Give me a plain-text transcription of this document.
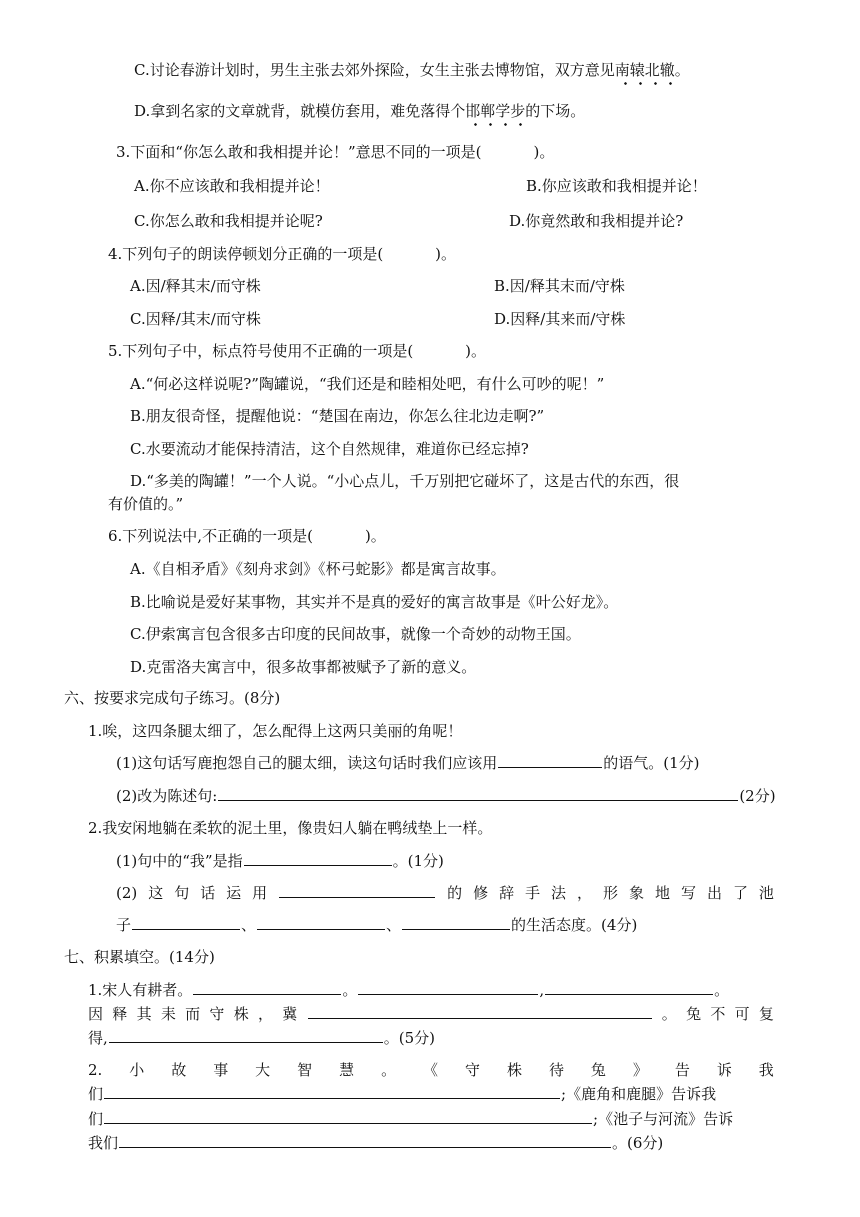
C.讨论春游计划时，男生主张去郊外探险，女生主张去博物馆，双方意见南辕北辙。
D.拿到名家的文章就背，就模仿套用，难免落得个邯郸学步的下场。
3.下面和“你怎么敢和我相提并论！”意思不同的一项是(	)。
A.你不应该敢和我相提并论！	B.你应该敢和我相提并论！
C.你怎么敢和我相提并论呢?	D.你竟然敢和我相提并论?
4.下列句子的朗读停顿划分正确的一项是(	)。
A.因/释其末/而守株	B.因/释其末而/守株
C.因释/其末/而守株	D.因释/其来而/守株
5.下列句子中，标点符号使用不正确的一项是(	)。
A.“何必这样说呢?”陶罐说，“我们还是和睦相处吧，有什么可吵的呢！”
B.朋友很奇怪，提醒他说：“楚国在南边，你怎么往北边走啊?”
C.水要流动才能保持清洁，这个自然规律，难道你已经忘掉?
D.“多美的陶罐！”一个人说。“小心点儿，千万别把它碰坏了，这是古代的东西，很
有价值的。”
6.下列说法中,不正确的一项是(	)。
A.《自相矛盾》《刻舟求剑》《杯弓蛇影》都是寓言故事。
B.比喻说是爱好某事物，其实并不是真的爱好的寓言故事是《叶公好龙》。
C.伊索寓言包含很多古印度的民间故事，就像一个奇妙的动物王国。
D.克雷洛夫寓言中，很多故事都被赋予了新的意义。
六、按要求完成句子练习。(8分)
1.唉，这四条腿太细了，怎么配得上这两只美丽的角呢！
(1)这句话写鹿抱怨自己的腿太细，读这句话时我们应该用	的语气。(1分)
(2)改为陈述句:	(2分)
2.我安闲地躺在柔软的泥土里，像贵妇人躺在鸭绒垫上一样。
(1)句中的“我”是指	。(1分)
(2) 这 句 话 运 用	的 修 辞 手 法 ， 形 象 地 写 出 了 池
子	、	、	的生活态度。(4分)
七、积累填空。(14分)
1.宋人有耕者。	。	,	。
因 释 其 耒 而 守 株 ， 冀	。 兔 不 可 复
得,	。(5分)
2. 小 故 事 大 智 慧 。 《 守 株 待 兔 》 告 诉 我
们	;《鹿角和鹿腿》告诉我
们	;《池子与河流》告诉
我们	。(6分)
